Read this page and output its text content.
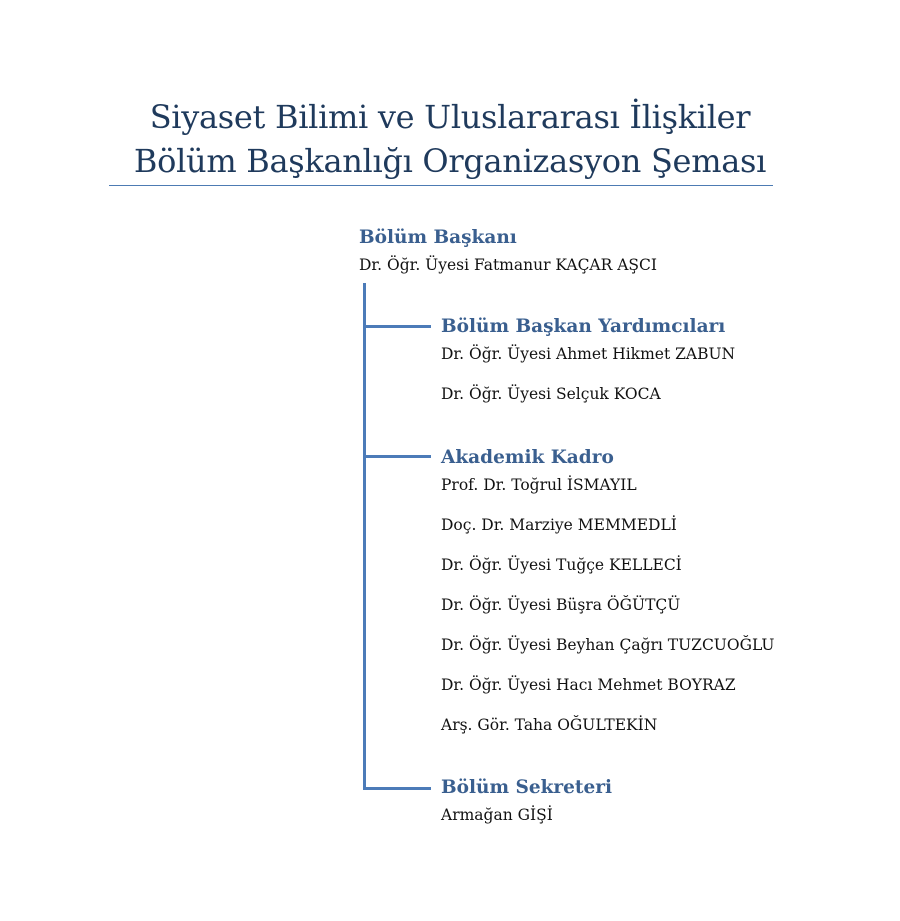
Siyaset Bilimi ve Uluslararası İlişkiler
Bölüm Başkanlığı Organizasyon Şeması
Bölüm Başkanı
Dr. Öğr. Üyesi Fatmanur KAÇAR AŞCI
Bölüm Başkan Yardımcıları
Dr. Öğr. Üyesi Ahmet Hikmet ZABUN
Dr. Öğr. Üyesi Selçuk KOCA
Akademik Kadro
Prof. Dr. Toğrul İSMAYIL
Doç. Dr. Marziye MEMMEDLİ
Dr. Öğr. Üyesi Tuğçe KELLECİ
Dr. Öğr. Üyesi Büşra ÖĞÜTÇÜ
Dr. Öğr. Üyesi Beyhan Çağrı TUZCUOĞLU
Dr. Öğr. Üyesi Hacı Mehmet BOYRAZ
Arş. Gör. Taha OĞULTEKİN
Bölüm Sekreteri
Armağan GİŞİ
